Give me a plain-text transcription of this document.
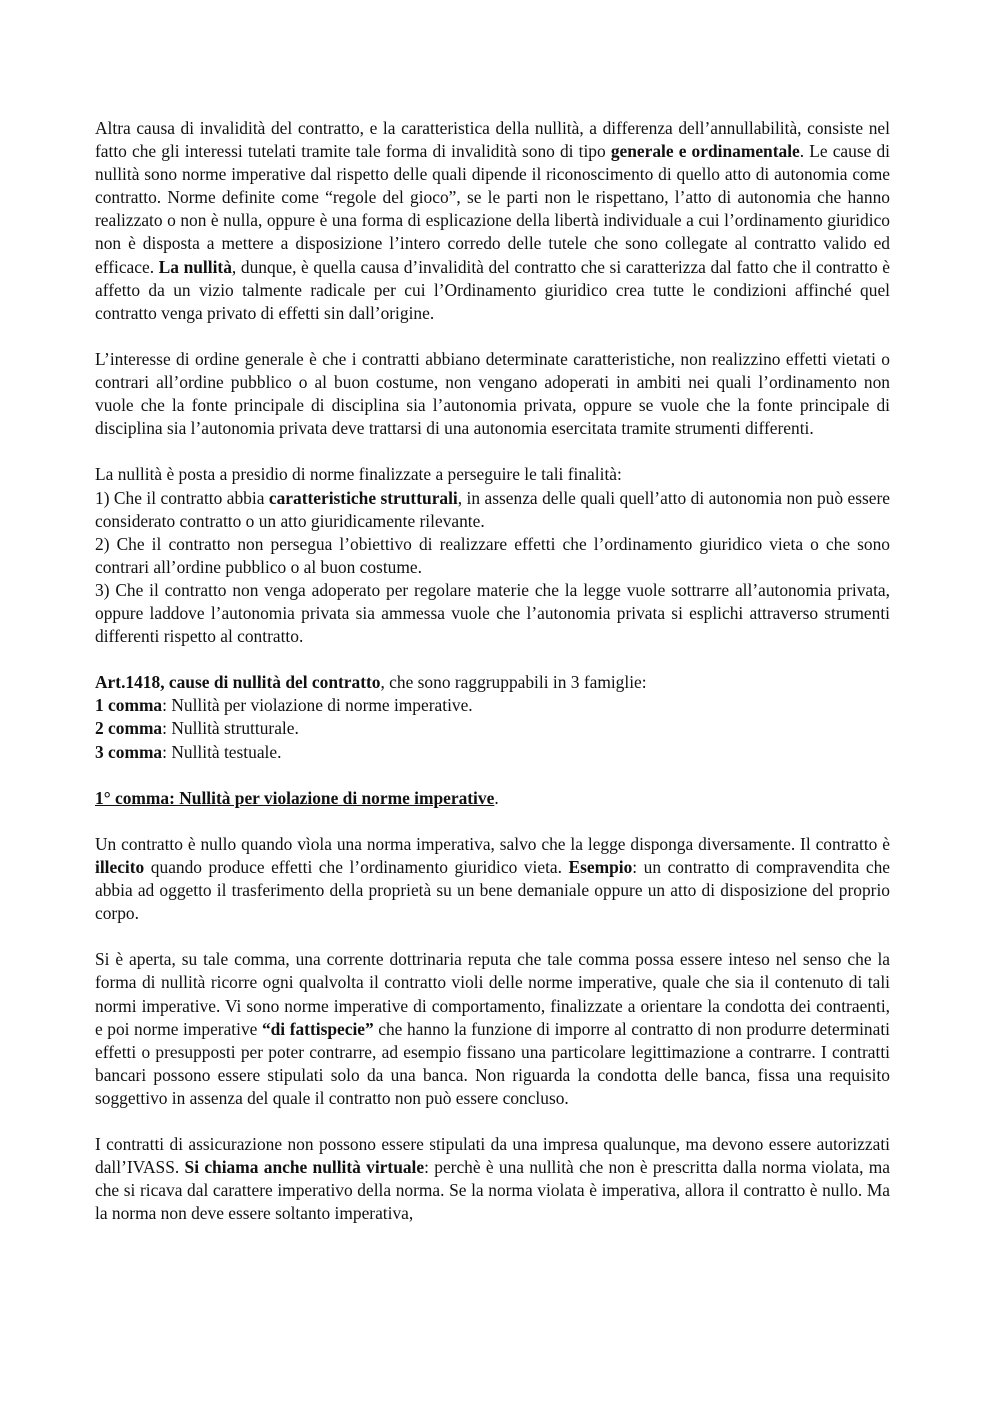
Altra causa di invalidità del contratto, e la caratteristica della nullità, a differenza dell’annullabilità, consiste nel fatto che gli interessi tutelati tramite tale forma di invalidità sono di tipo generale e ordinamentale. Le cause di nullità sono norme imperative dal rispetto delle quali dipende il riconoscimento di quello atto di autonomia come contratto. Norme definite come “regole del gioco”, se le parti non le rispettano, l’atto di autonomia che hanno realizzato o non è nulla, oppure è una forma di esplicazione della libertà individuale a cui l’ordinamento giuridico non è disposta a mettere a disposizione l’intero corredo delle tutele che sono collegate al contratto valido ed efficace. La nullità, dunque, è quella causa d’invalidità del contratto che si caratterizza dal fatto che il contratto è affetto da un vizio talmente radicale per cui l’Ordinamento giuridico crea tutte le condizioni affinché quel contratto venga privato di effetti sin dall’origine.

L’interesse di ordine generale è che i contratti abbiano determinate caratteristiche, non realizzino effetti vietati o contrari all’ordine pubblico o al buon costume, non vengano adoperati in ambiti nei quali l’ordinamento non vuole che la fonte principale di disciplina sia l’autonomia privata, oppure se vuole che la fonte principale di disciplina sia l’autonomia privata deve trattarsi di una autonomia esercitata tramite strumenti differenti.

La nullità è posta a presidio di norme finalizzate a perseguire le tali finalità:
1) Che il contratto abbia caratteristiche strutturali, in assenza delle quali quell’atto di autonomia non può essere considerato contratto o un atto giuridicamente rilevante.
2) Che il contratto non persegua l’obiettivo di realizzare effetti che l’ordinamento giuridico vieta o che sono contrari all’ordine pubblico o al buon costume.
3) Che il contratto non venga adoperato per regolare materie che la legge vuole sottrarre all’autonomia privata, oppure laddove l’autonomia privata sia ammessa vuole che l’autonomia privata si esplichi attraverso strumenti differenti rispetto al contratto.

Art.1418, cause di nullità del contratto, che sono raggruppabili in 3 famiglie:
1 comma: Nullità per violazione di norme imperative.
2 comma: Nullità strutturale.
3 comma: Nullità testuale.

1° comma: Nullità per violazione di norme imperative.

Un contratto è nullo quando vìola una norma imperativa, salvo che la legge disponga diversamente. Il contratto è illecito quando produce effetti che l’ordinamento giuridico vieta. Esempio: un contratto di compravendita che abbia ad oggetto il trasferimento della proprietà su un bene demaniale oppure un atto di disposizione del proprio corpo.

Si è aperta, su tale comma, una corrente dottrinaria reputa che tale comma possa essere inteso nel senso che la forma di nullità ricorre ogni qualvolta il contratto violi delle norme imperative, quale che sia il contenuto di tali normi imperative. Vi sono norme imperative di comportamento, finalizzate a orientare la condotta dei contraenti, e poi norme imperative “di fattispecie” che hanno la funzione di imporre al contratto di non produrre determinati effetti o presupposti per poter contrarre, ad esempio fissano una particolare legittimazione a contrarre. I contratti bancari possono essere stipulati solo da una banca. Non riguarda la condotta delle banca, fissa una requisito soggettivo in assenza del quale il contratto non può essere concluso.

I contratti di assicurazione non possono essere stipulati da una impresa qualunque, ma devono essere autorizzati dall’IVASS. Si chiama anche nullità virtuale: perchè è una nullità che non è prescritta dalla norma violata, ma che si ricava dal carattere imperativo della norma. Se la norma violata è imperativa, allora il contratto è nullo. Ma la norma non deve essere soltanto imperativa,
